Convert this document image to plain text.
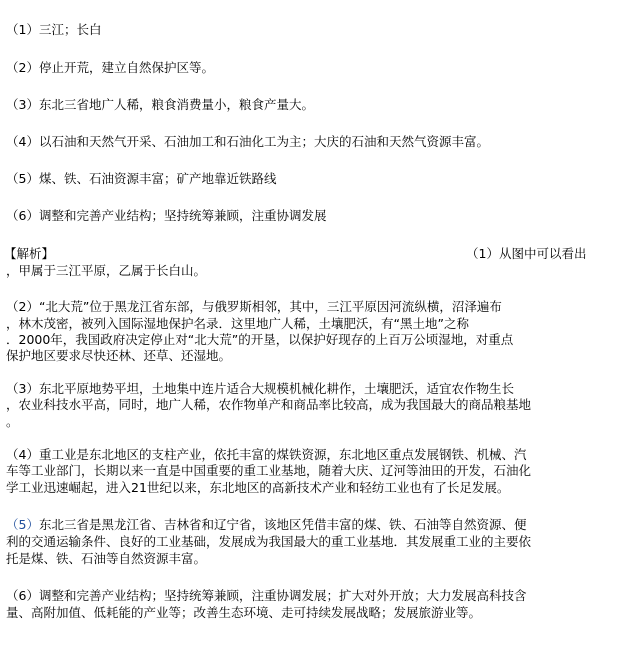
（1）三江；长白
（2）停止开荒，建立自然保护区等。
（3）东北三省地广人稀，粮食消费量小，粮食产量大。
（4）以石油和天然气开采、石油加工和石油化工为主；大庆的石油和天然气资源丰富。
（5）煤、铁、石油资源丰富；矿产地靠近铁路线
（6）调整和完善产业结构；坚持统筹兼顾，注重协调发展
【解析】	（1）从图中可以看出
，甲属于三江平原，乙属于长白山。
（2）“北大荒”位于黑龙江省东部，与俄罗斯相邻，其中，三江平原因河流纵横，沼泽遍布
，林木茂密，被列入国际湿地保护名录．这里地广人稀，土壤肥沃，有“黑土地”之称
．2000年，我国政府决定停止对“北大荒”的开垦，以保护好现存的上百万公顷湿地，对重点
保护地区要求尽快还林、还草、还湿地。
（3）东北平原地势平坦，土地集中连片适合大规模机械化耕作，土壤肥沃，适宜农作物生长
，农业科技水平高，同时，地广人稀，农作物单产和商品率比较高，成为我国最大的商品粮基地
。
（4）重工业是东北地区的支柱产业，依托丰富的煤铁资源，东北地区重点发展钢铁、机械、汽
车等工业部门，长期以来一直是中国重要的重工业基地，随着大庆、辽河等油田的开发，石油化
学工业迅速崛起，进入21世纪以来，东北地区的高新技术产业和轻纺工业也有了长足发展。
（5）东北三省是黑龙江省、吉林省和辽宁省，该地区凭借丰富的煤、铁、石油等自然资源、便
利的交通运输条件、良好的工业基础，发展成为我国最大的重工业基地．其发展重工业的主要依
托是煤、铁、石油等自然资源丰富。
（6）调整和完善产业结构；坚持统筹兼顾，注重协调发展；扩大对外开放；大力发展高科技含
量、高附加值、低耗能的产业等；改善生态环境、走可持续发展战略；发展旅游业等。
